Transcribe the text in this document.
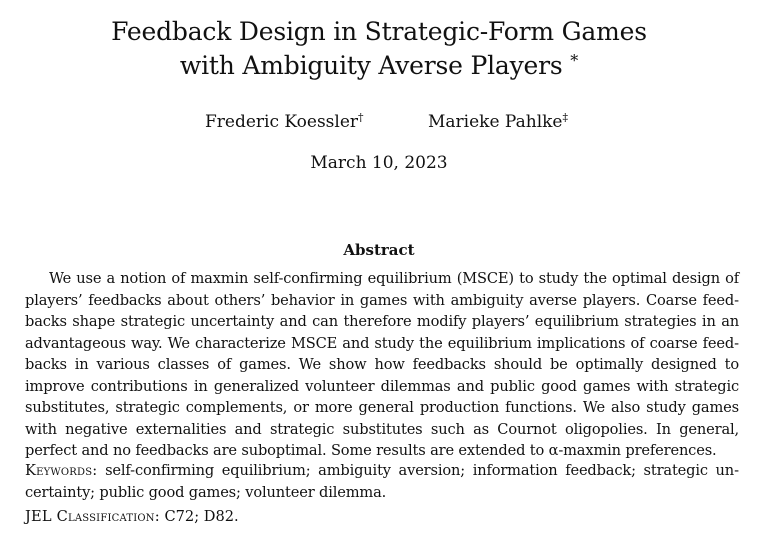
Feedback Design in Strategic-Form Games
with Ambiguity Averse Players *
Frederic Koessler†	Marieke Pahlke‡
March 10, 2023
Abstract

We use a notion of maxmin self-confirming equilibrium (MSCE) to study the optimal design of players’ feedbacks about others’ behavior in games with ambiguity averse players. Coarse feedbacks shape strategic uncertainty and can therefore modify players’ equilibrium strategies in an advantageous way. We characterize MSCE and study the equilibrium implications of coarse feedbacks in various classes of games. We show how feedbacks should be optimally designed to improve contributions in generalized volunteer dilemmas and public good games with strategic substitutes, strategic complements, or more general production functions. We also study games with negative externalities and strategic substitutes such as Cournot oligopolies. In general, perfect and no feedbacks are suboptimal. Some results are extended to α-maxmin preferences.

Keywords: self-confirming equilibrium; ambiguity aversion; information feedback; strategic uncertainty; public good games; volunteer dilemma.

JEL Classification: C72; D82.
